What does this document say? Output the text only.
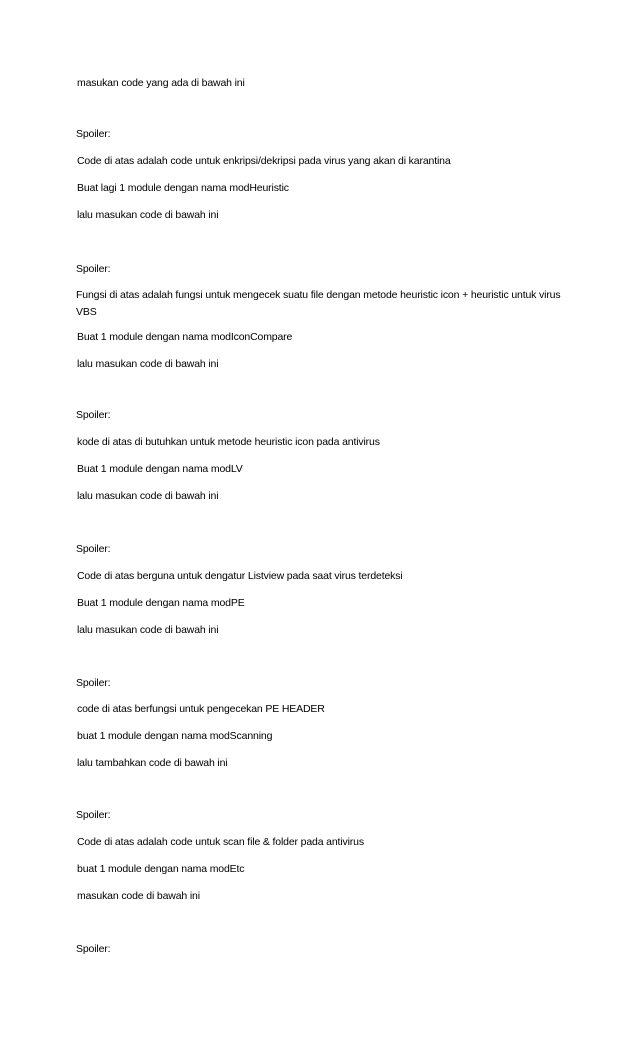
masukan code yang ada di bawah ini
Spoiler:
Code di atas adalah code untuk enkripsi/dekripsi pada virus yang akan di karantina
Buat lagi 1 module dengan nama modHeuristic
lalu masukan code di bawah ini
Spoiler:
Fungsi di atas adalah fungsi untuk mengecek suatu file dengan metode heuristic icon + heuristic untuk virus VBS
Buat 1 module dengan nama modIconCompare
lalu masukan code di bawah ini
Spoiler:
kode di atas di butuhkan untuk metode heuristic icon pada antivirus
Buat 1 module dengan nama modLV
lalu masukan code di bawah ini
Spoiler:
Code di atas berguna untuk dengatur Listview pada saat virus terdeteksi
Buat 1 module dengan nama modPE
lalu masukan code di bawah ini
Spoiler:
code di atas berfungsi untuk pengecekan PE HEADER
buat 1 module dengan nama modScanning
lalu tambahkan code di bawah ini
Spoiler:
Code di atas adalah code untuk scan file & folder pada antivirus
buat 1 module dengan nama modEtc
masukan code di bawah ini
Spoiler:
